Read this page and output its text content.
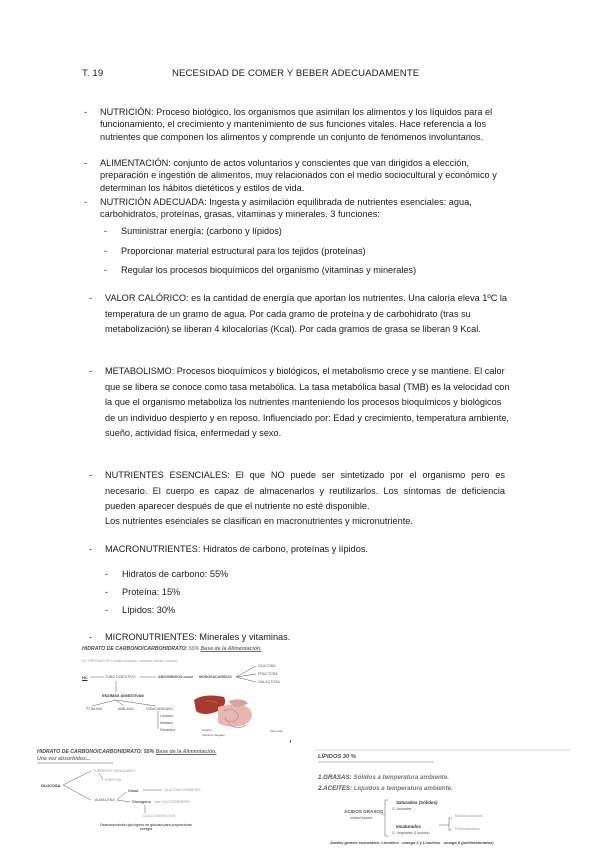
T. 19	NECESIDAD DE COMER Y BEBER ADECUADAMENTE
- NUTRICIÓN: Proceso biológico, los organismos que asimilan los alimentos y los líquidos para el funcionamiento, el crecimiento y mantenimiento de sus funciones vitales. Hace referencia a los nutrientes que componen los alimentos y comprende un conjunto de fenómenos involuntarios.
- ALIMENTACIÓN: conjunto de actos voluntarios y conscientes que van dirigidos a elección, preparación e ingestión de alimentos, muy relacionados con el medio sociocultural y económico y determinan los hábitos dietéticos y estilos de vida.
- NUTRICIÓN ADECUADA: Ingesta y asimilación equilibrada de nutrientes esenciales: agua, carbohidratos, proteínas, grasas, vitaminas y minerales. 3 funciones:
- Suministrar energía: (carbono y lípidos)
- Proporcionar material estructural para los tejidos (proteínas)
- Regular los procesos bioquímicos del organismo (vitaminas y minerales)
- VALOR CALÓRICO: es la cantidad de energía que aportan los nutrientes. Una caloría eleva 1ºC la temperatura de un gramo de agua. Por cada gramo de proteína y de carbohidrato (tras su metabolización) se liberan 4 kilocalorías (Kcal). Por cada gramos de grasa se liberan 9 Kcal.
- METABOLISMO: Procesos bioquímicos y biológicos, el metabolismo crece y se mantiene. El calor que se libera se conoce como tasa metabólica. La tasa metabólica basal (TMB) es la velocidad con la que el organismo metaboliza los nutrientes manteniendo los procesos bioquímicos y biológicos de un individuo despierto y en reposo. Influenciado por: Edad y crecimiento, temperatura ambiente, sueño, actividad física, enfermedad y sexo.
- NUTRIENTES ESENCIALES: El que NO puede ser sintetizado por el organismo pero es necesario. El cuerpo es capaz de almacenarlos y reutilizarlos. Los síntomas de deficiencia pueden aparecer después de que el nutriente no esté disponible.
Los nutrientes esenciales se clasifican en macronutrientes y micronutriente.
- MACRONUTRIENTES: Hidratos de carbono, proteínas y lípidos.
- Hidratos de carbono: 55%
- Proteína: 15%
- Lípidos: 30%
- MICRONUTRIENTES: Minerales y vitaminas.
HIDRATO DE CARBONO/CARBOHIDRATO: 55% Base de la Alimentación.
HC REFINADOS: Limitar consumo, calorías vacías: Alcohol.
HC	TUBO DIGESTIVO	ABSORBIDOS como MONOSACARIDOS
GLUCOSA
FRUCTOSA
GALACTOSA
ENZIMAS DIGESTIVAS
PTIALINA	AMILASA	DISACARIDASA
Lactasa
Maltasa
Sacarasa	Hígado
Intestino delgado
Páncreas
HIDRATO DE CARBONO/CARBOHIDRATO: 55% Base de la Alimentación.
Una vez absorbidos...
GLUCOSA
TORRENTE SANGUINEO
ENERGÍA
ALMACENA
Grasa	GLUCONEOGÉNESIS
Glucógeno	GLUCOGÉNESIS
GLUCOGENOLISIS
Descomposición glucógeno en glucosa para proporcionar energía
LÍPIDOS 30 %
1.GRASAS: Sólidos a temperatura ambiente.
2.ACEITES: Líquidos a temperatura ambiente.
ACIDOS GRASOS
unidad básica
Saturados (Sólidos)
G. Animales
Insaturados
G. Vegetales (Líquidos)
Monoinsaturados
Poliinsaturados
Ácidos grasos esenciales: Linoléico –omega 3 y Linoleico –omega 6 (poliinsaturados)
